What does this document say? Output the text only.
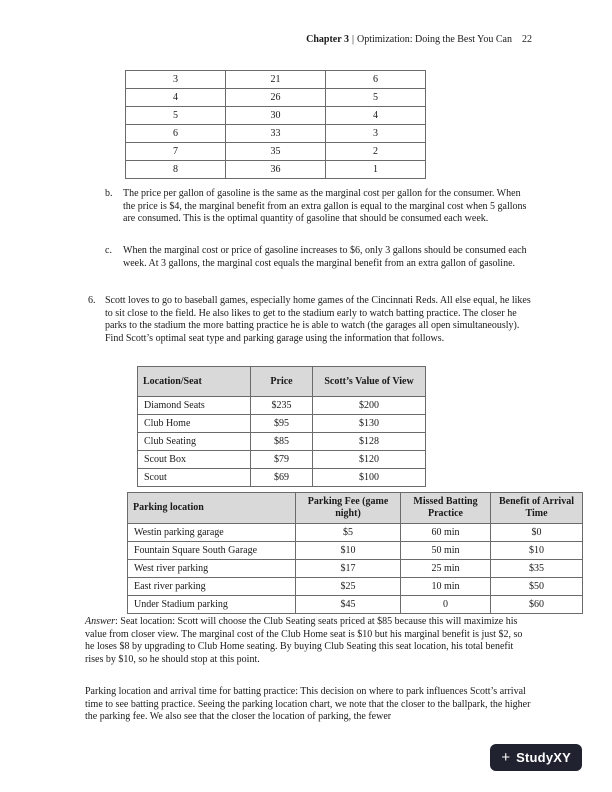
Chapter 3 | Optimization: Doing the Best You Can 22
3	21	6
4	26	5
5	30	4
6	33	3
7	35	2
8	36	1
b.	The price per gallon of gasoline is the same as the marginal cost per gallon for the consumer. When the price is $4, the marginal benefit from an extra gallon is equal to the marginal cost when 5 gallons are consumed. This is the optimal quantity of gasoline that should be consumed each week.
c.	When the marginal cost or price of gasoline increases to $6, only 3 gallons should be consumed each week. At 3 gallons, the marginal cost equals the marginal benefit from an extra gallon of gasoline.
6. Scott loves to go to baseball games, especially home games of the Cincinnati Reds. All else equal, he likes to sit close to the field. He also likes to get to the stadium early to watch batting practice. The closer he parks to the stadium the more batting practice he is able to watch (the garages all open simultaneously). Find Scott’s optimal seat type and parking garage using the information that follows.
Location/Seat	Price	Scott’s Value of View
Diamond Seats	$235	$200
Club Home	$95	$130
Club Seating	$85	$128
Scout Box	$79	$120
Scout	$69	$100
Parking location	Parking Fee (game night)	Missed Batting Practice	Benefit of Arrival Time
Westin parking garage	$5	60 min	$0
Fountain Square South Garage	$10	50 min	$10
West river parking	$17	25 min	$35
East river parking	$25	10 min	$50
Under Stadium parking	$45	0	$60

Answer: Seat location: Scott will choose the Club Seating seats priced at $85 because this will maximize his value from closer view. The marginal cost of the Club Home seat is $10 but his marginal benefit is just $2, so he loses $8 by upgrading to Club Home seating. By buying Club Seating this seat location, his total benefit rises by $10, so he should stop at this point.

Parking location and arrival time for batting practice: This decision on where to park influences Scott’s arrival time to see batting practice. Seeing the parking location chart, we note that the closer to the ballpark, the higher the parking fee. We also see that the closer the location of parking, the fewer

+ StudyXY
